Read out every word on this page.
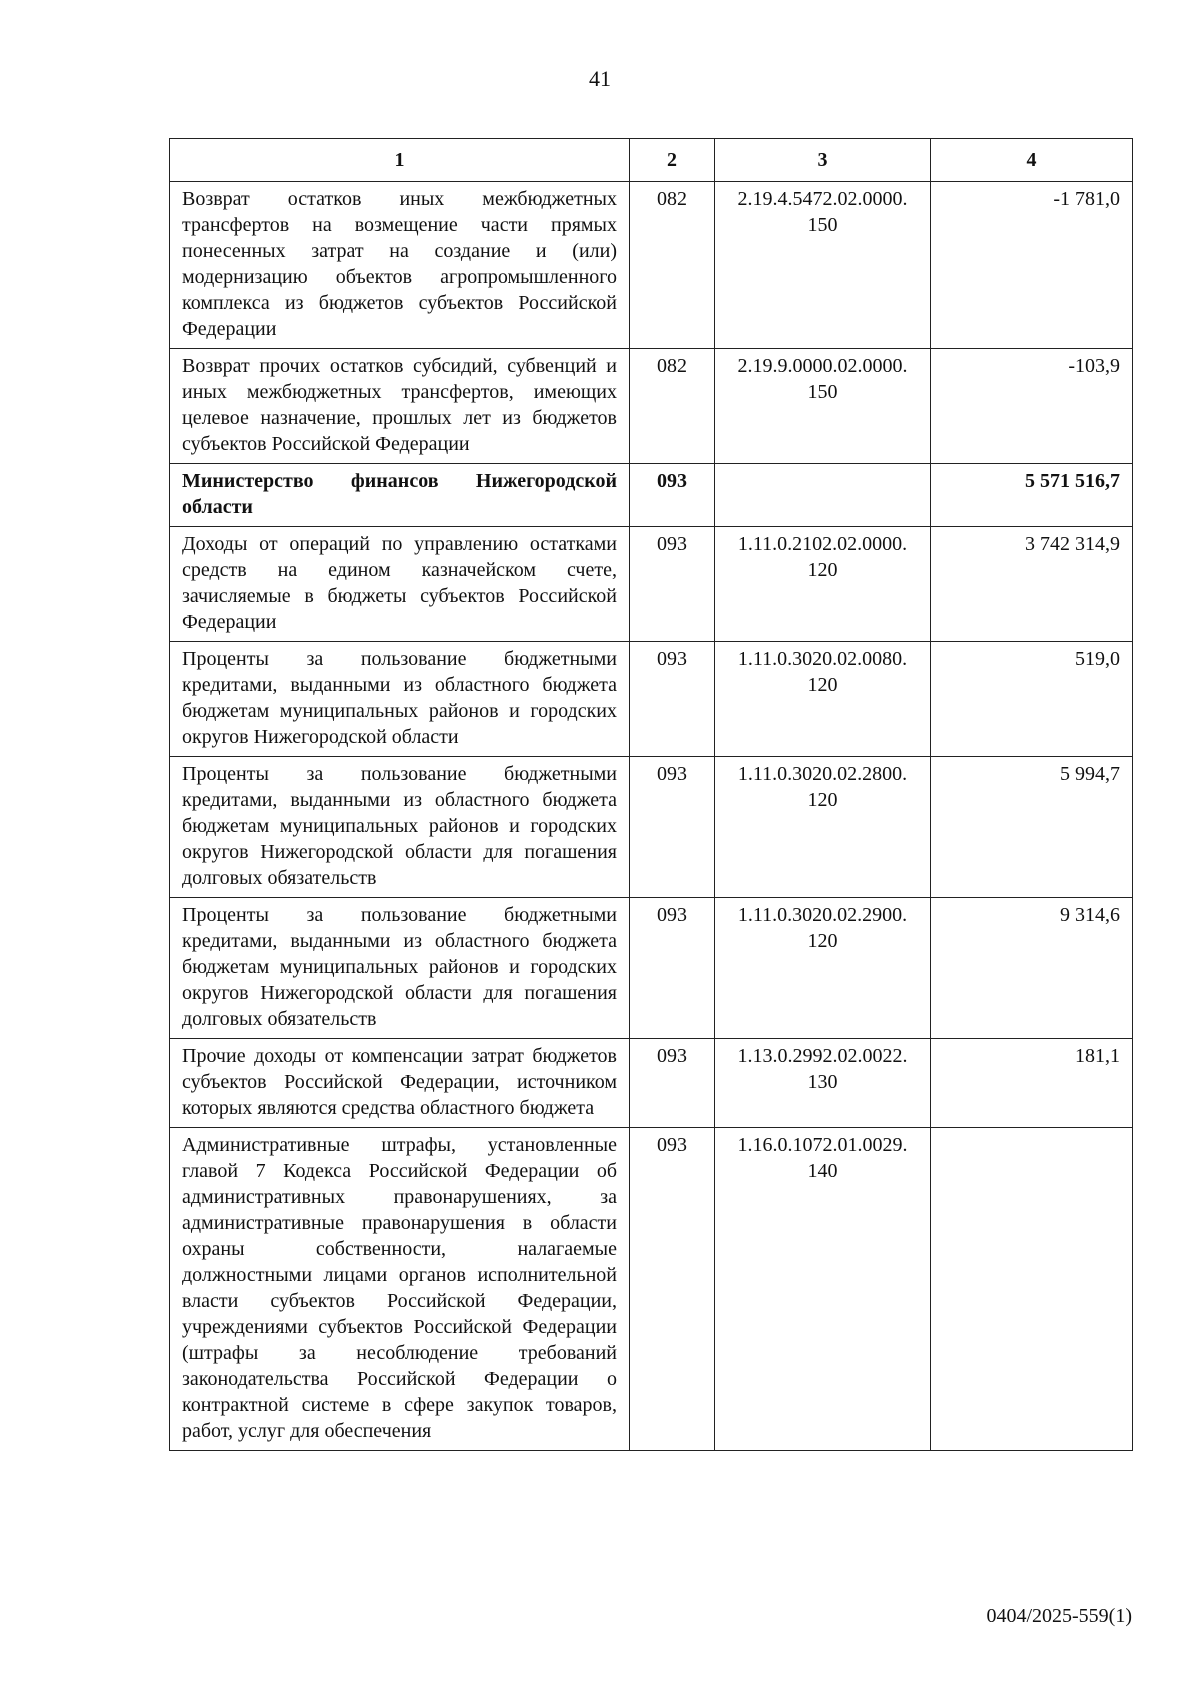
41
1	2	3	4
Возврат остатков иных межбюджетных трансфертов на возмещение части прямых понесенных затрат на создание и (или) модернизацию объектов агропромышленного комплекса из бюджетов субъектов Российской Федерации	082	2.19.4.5472.02.0000. 150	-1 781,0
Возврат прочих остатков субсидий, субвенций и иных межбюджетных трансфертов, имеющих целевое назначение, прошлых лет из бюджетов субъектов Российской Федерации	082	2.19.9.0000.02.0000. 150	-103,9
Министерство финансов Нижегородской области	093		5 571 516,7
Доходы от операций по управлению остатками средств на едином казначейском счете, зачисляемые в бюджеты субъектов Российской Федерации	093	1.11.0.2102.02.0000. 120	3 742 314,9
Проценты за пользование бюджетными кредитами, выданными из областного бюджета бюджетам муниципальных районов и городских округов Нижегородской области	093	1.11.0.3020.02.0080. 120	519,0
Проценты за пользование бюджетными кредитами, выданными из областного бюджета бюджетам муниципальных районов и городских округов Нижегородской области для погашения долговых обязательств	093	1.11.0.3020.02.2800. 120	5 994,7
Проценты за пользование бюджетными кредитами, выданными из областного бюджета бюджетам муниципальных районов и городских округов Нижегородской области для погашения долговых обязательств	093	1.11.0.3020.02.2900. 120	9 314,6
Прочие доходы от компенсации затрат бюджетов субъектов Российской Федерации, источником которых являются средства областного бюджета	093	1.13.0.2992.02.0022. 130	181,1
Административные штрафы, установленные главой 7 Кодекса Российской Федерации об административных правонарушениях, за административные правонарушения в области охраны собственности, налагаемые должностными лицами органов исполнительной власти субъектов Российской Федерации, учреждениями субъектов Российской Федерации (штрафы за несоблюдение требований законодательства Российской Федерации о контрактной системе в сфере закупок товаров, работ, услуг для обеспечения	093	1.16.0.1072.01.0029. 140	
0404/2025-559(1)
